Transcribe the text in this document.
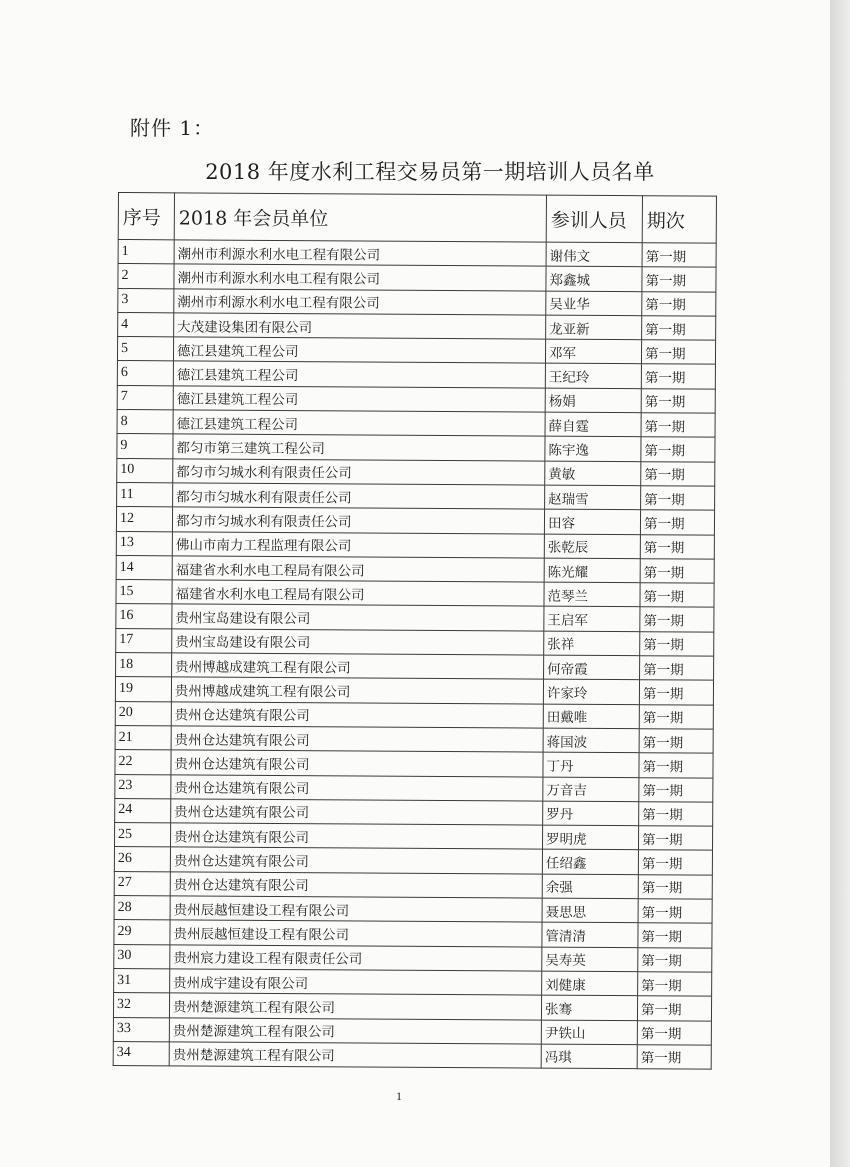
附件 1：
2018 年度水利工程交易员第一期培训人员名单
序号	2018 年会员单位	参训人员	期次
1	潮州市利源水利水电工程有限公司	谢伟文	第一期
2	潮州市利源水利水电工程有限公司	郑鑫城	第一期
3	潮州市利源水利水电工程有限公司	吴业华	第一期
4	大茂建设集团有限公司	龙亚新	第一期
5	德江县建筑工程公司	邓军	第一期
6	德江县建筑工程公司	王纪玲	第一期
7	德江县建筑工程公司	杨娟	第一期
8	德江县建筑工程公司	薛自霆	第一期
9	都匀市第三建筑工程公司	陈宇逸	第一期
10	都匀市匀城水利有限责任公司	黄敏	第一期
11	都匀市匀城水利有限责任公司	赵瑞雪	第一期
12	都匀市匀城水利有限责任公司	田容	第一期
13	佛山市南力工程监理有限公司	张乾辰	第一期
14	福建省水利水电工程局有限公司	陈光耀	第一期
15	福建省水利水电工程局有限公司	范琴兰	第一期
16	贵州宝岛建设有限公司	王启军	第一期
17	贵州宝岛建设有限公司	张祥	第一期
18	贵州博越成建筑工程有限公司	何帝霞	第一期
19	贵州博越成建筑工程有限公司	许家玲	第一期
20	贵州仓达建筑有限公司	田戴唯	第一期
21	贵州仓达建筑有限公司	蒋国波	第一期
22	贵州仓达建筑有限公司	丁丹	第一期
23	贵州仓达建筑有限公司	万音吉	第一期
24	贵州仓达建筑有限公司	罗丹	第一期
25	贵州仓达建筑有限公司	罗明虎	第一期
26	贵州仓达建筑有限公司	任绍鑫	第一期
27	贵州仓达建筑有限公司	余强	第一期
28	贵州辰越恒建设工程有限公司	聂思思	第一期
29	贵州辰越恒建设工程有限公司	管清清	第一期
30	贵州宸力建设工程有限责任公司	吴寿英	第一期
31	贵州成宇建设有限公司	刘健康	第一期
32	贵州楚源建筑工程有限公司	张骞	第一期
33	贵州楚源建筑工程有限公司	尹铁山	第一期
34	贵州楚源建筑工程有限公司	冯琪	第一期
1
